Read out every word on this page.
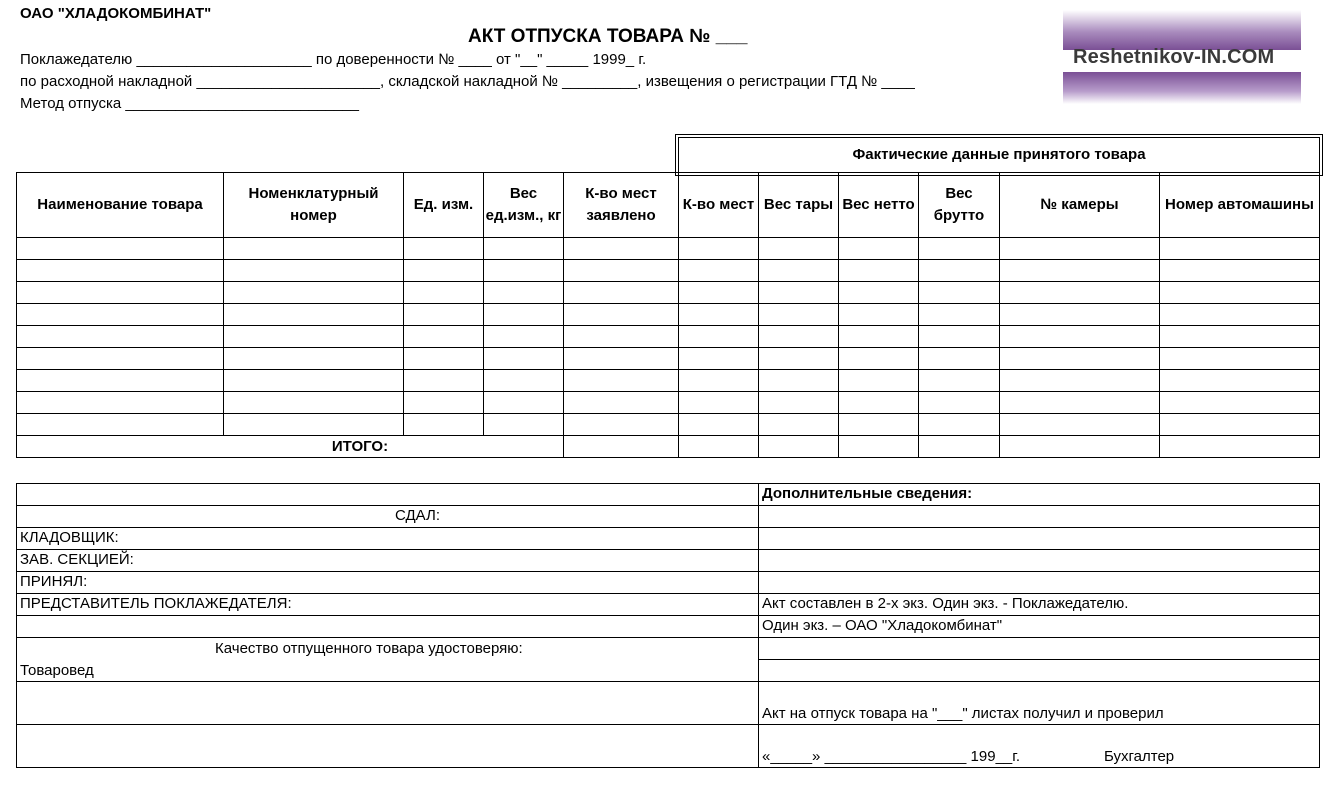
ОАО "ХЛАДОКОМБИНАТ"
АКТ ОТПУСКА ТОВАРА № ___
Поклажедателю _____________________ по доверенности № ____ от "__" _____ 1999_ г.
по расходной накладной ______________________, складской накладной № _________, извещения о регистрации ГТД № ____
Метод отпуска ____________________________
Reshetnikov-IN.COM
Фактические данные принятого товара
Наименование товара	Номенклатурный номер	Ед. изм.	Вес ед.изм., кг	К-во мест заявлено	К-во мест	Вес тары	Вес нетто	Вес брутто	№ камеры	Номер автомашины

ИТОГО:										
	Дополнительные сведения:
СДАЛ:	
КЛАДОВЩИК:	
ЗАВ. СЕКЦИЕЙ:	
ПРИНЯЛ:	
ПРЕДСТАВИТЕЛЬ ПОКЛАЖЕДАТЕЛЯ:	Акт составлен в 2-х экз. Один экз. - Поклажедателю.
	Один экз. – ОАО "Хладокомбинат"

Качество отпущенного товара удостоверяю:
Товаровед	

	Акт на отпуск товара на "___" листах получил и проверил
	«_____» _________________ 199__г. Бухгалтер
